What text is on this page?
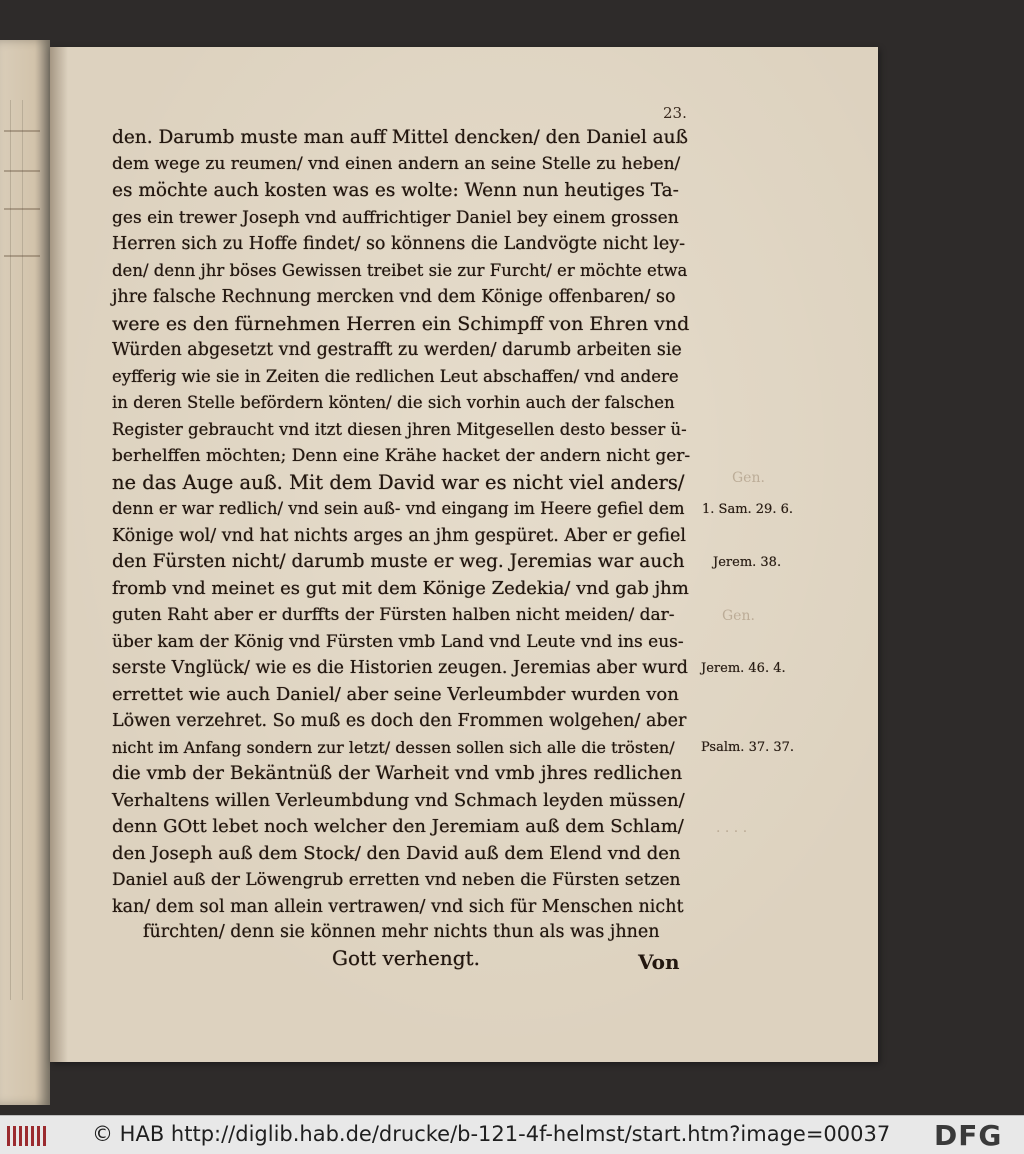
Gen.
Gen.
· · · ·
23.
den. Darumb muste man auff Mittel dencken/ den Daniel auß
dem wege zu reumen/ vnd einen andern an seine Stelle zu heben/
es möchte auch kosten was es wolte: Wenn nun heutiges Ta-
ges ein trewer Joseph vnd auffrichtiger Daniel bey einem grossen
Herren sich zu Hoffe findet/ so könnens die Landvögte nicht ley-
den/ denn jhr böses Gewissen treibet sie zur Furcht/ er möchte etwa
jhre falsche Rechnung mercken vnd dem Könige offenbaren/ so
were es den fürnehmen Herren ein Schimpff von Ehren vnd
Würden abgesetzt vnd gestrafft zu werden/ darumb arbeiten sie
eyfferig wie sie in Zeiten die redlichen Leut abschaffen/ vnd andere
in deren Stelle befördern könten/ die sich vorhin auch der falschen
Register gebraucht vnd itzt diesen jhren Mitgesellen desto besser ü-
berhelffen möchten; Denn eine Krähe hacket der andern nicht ger-
ne das Auge auß. Mit dem David war es nicht viel anders/
denn er war redlich/ vnd sein auß- vnd eingang im Heere gefiel dem
Könige wol/ vnd hat nichts arges an jhm gespüret. Aber er gefiel
den Fürsten nicht/ darumb muste er weg. Jeremias war auch
fromb vnd meinet es gut mit dem Könige Zedekia/ vnd gab jhm
guten Raht aber er durffts der Fürsten halben nicht meiden/ dar-
über kam der König vnd Fürsten vmb Land vnd Leute vnd ins eus-
serste Vnglück/ wie es die Historien zeugen. Jeremias aber wurd
errettet wie auch Daniel/ aber seine Verleumbder wurden von
Löwen verzehret. So muß es doch den Frommen wolgehen/ aber
nicht im Anfang sondern zur letzt/ dessen sollen sich alle die trösten/
die vmb der Bekäntnüß der Warheit vnd vmb jhres redlichen
Verhaltens willen Verleumbdung vnd Schmach leyden müssen/
denn GOtt lebet noch welcher den Jeremiam auß dem Schlam/
den Joseph auß dem Stock/ den David auß dem Elend vnd den
Daniel auß der Löwengrub erretten vnd neben die Fürsten setzen
kan/ dem sol man allein vertrawen/ vnd sich für Menschen nicht
fürchten/ denn sie können mehr nichts thun als was jhnen
Gott verhengt.	Von
1. Sam. 29. 6.
Jerem. 38.
Jerem. 46. 4.
Psalm. 37. 37.
© HAB http://diglib.hab.de/drucke/b-121-4f-helmst/start.htm?image=00037 DFG
